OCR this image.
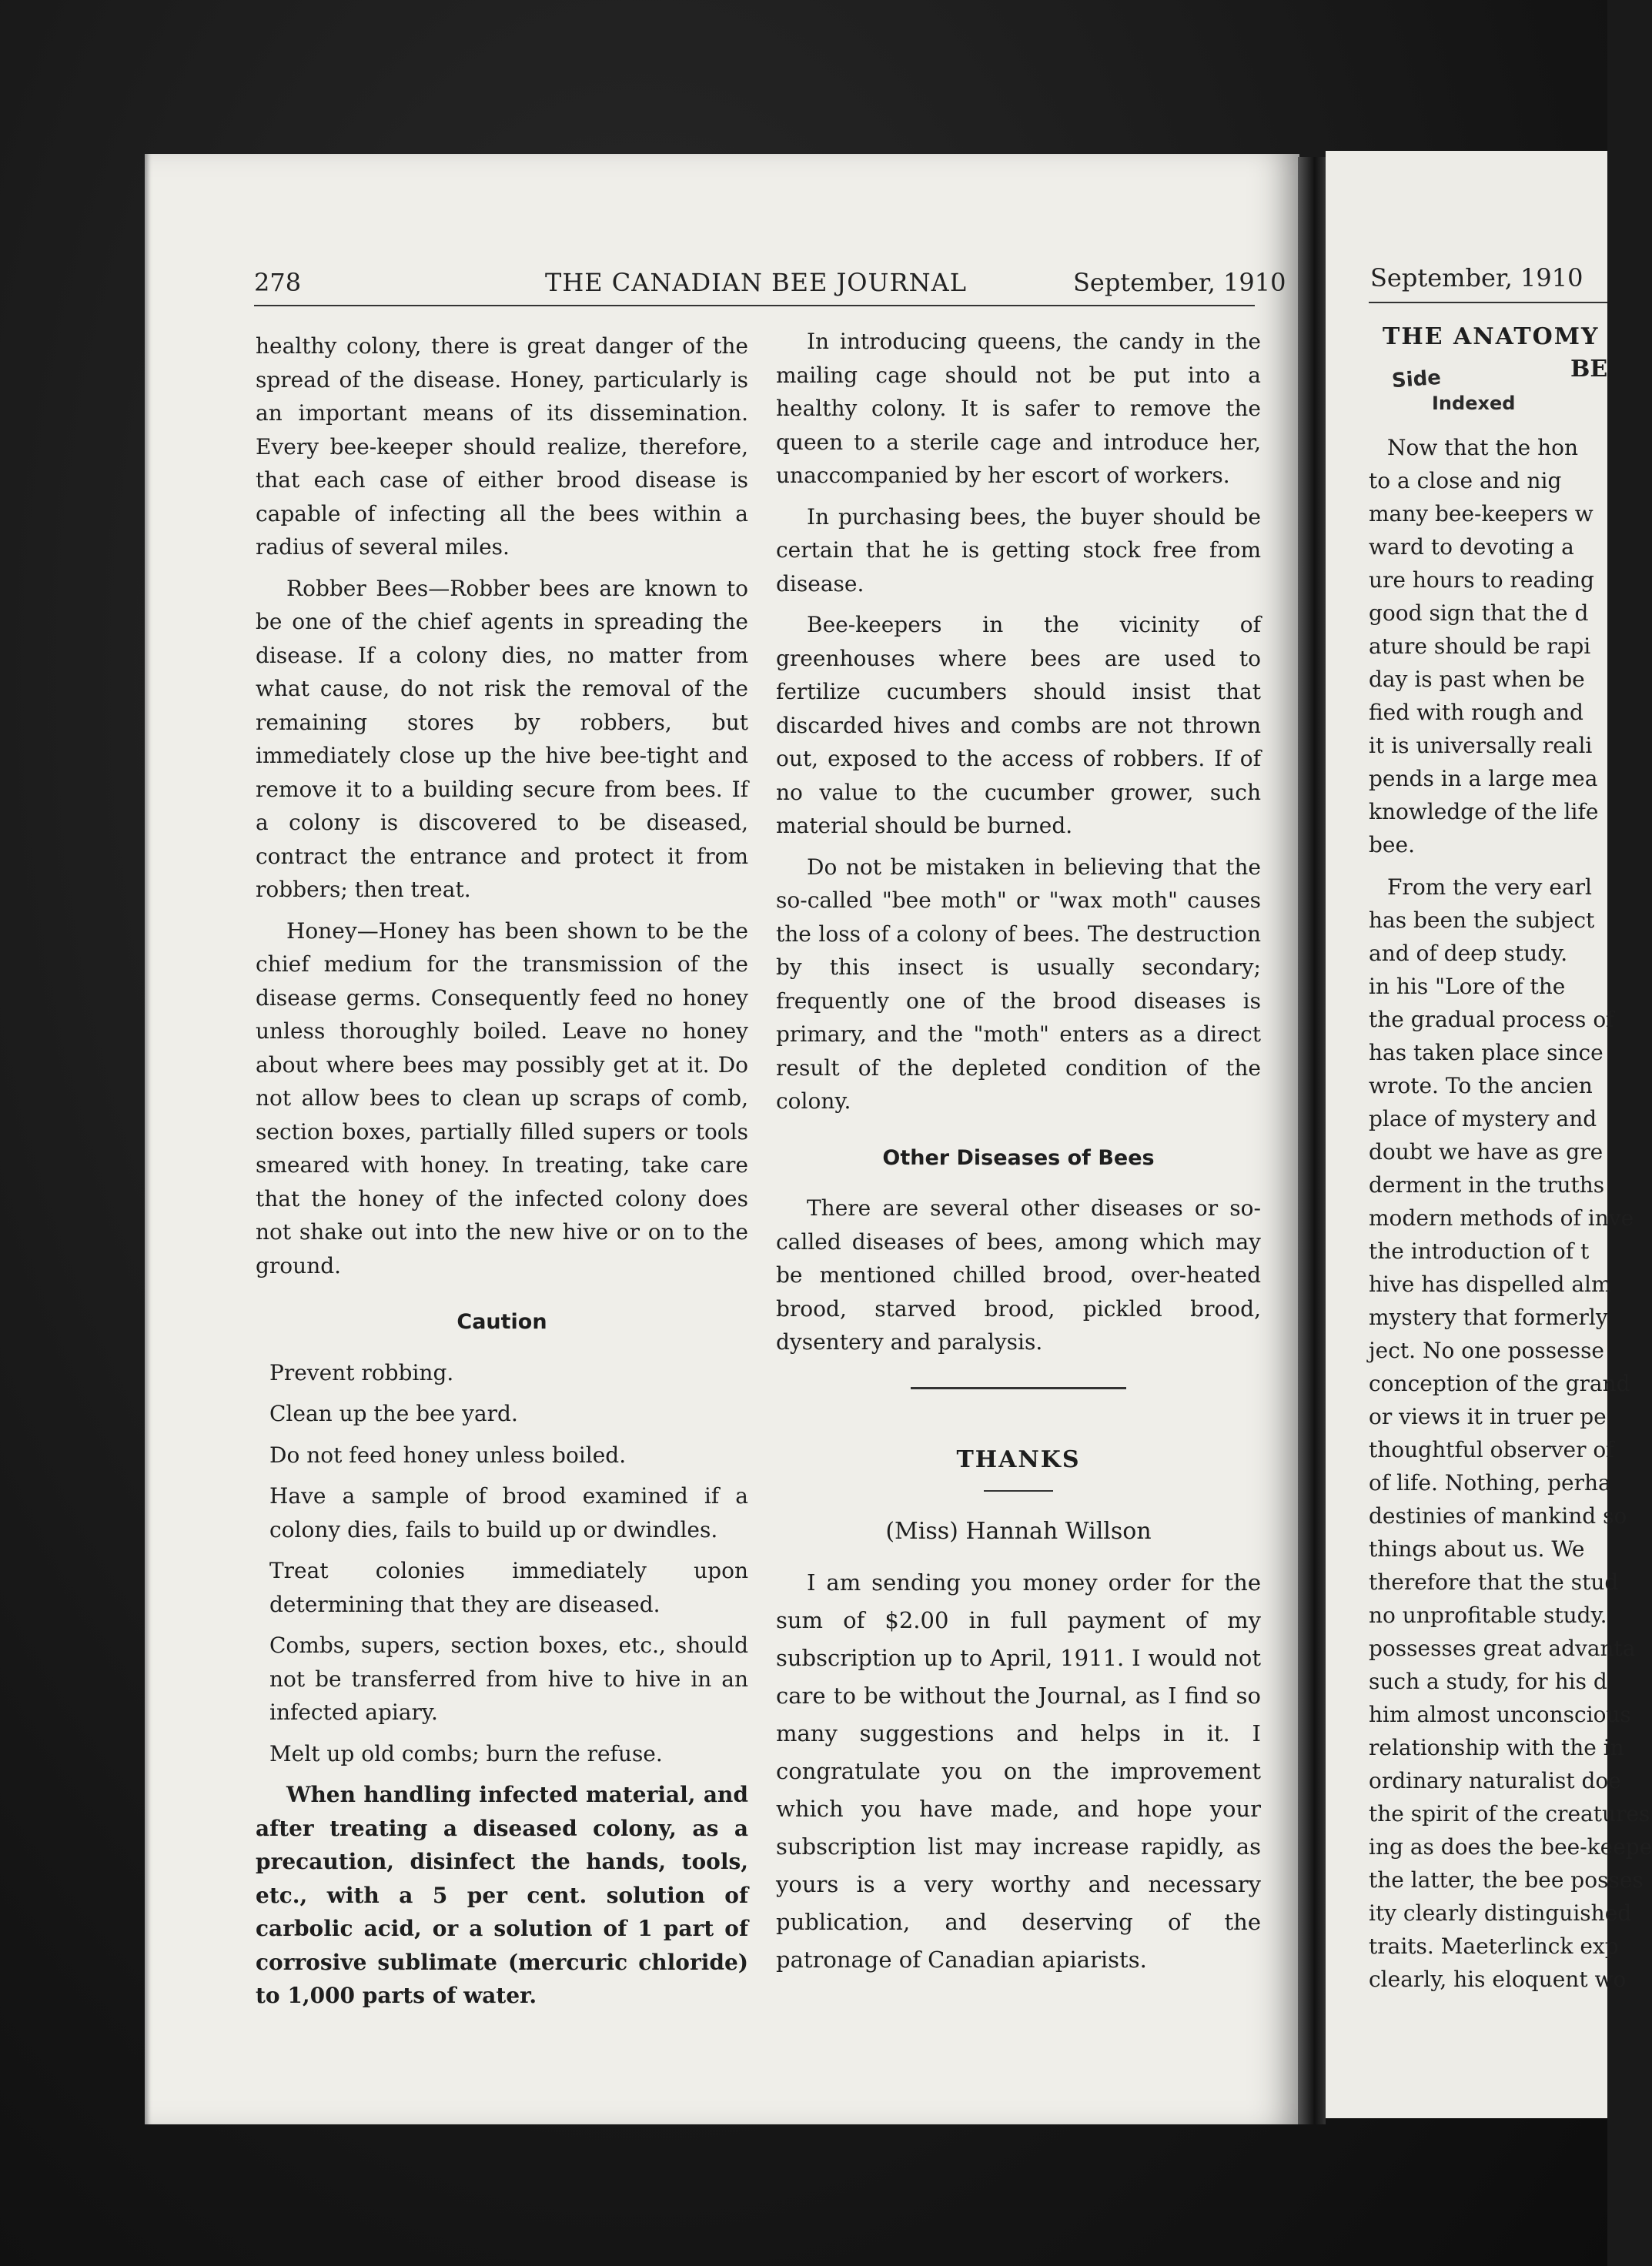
278	THE CANADIAN BEE JOURNAL	September, 1910

healthy colony, there is great danger of the spread of the disease. Honey, particularly is an important means of its dissemination. Every bee-keeper should realize, therefore, that each case of either brood disease is capable of infecting all the bees within a radius of several miles.

Robber Bees—Robber bees are known to be one of the chief agents in spreading the disease. If a colony dies, no matter from what cause, do not risk the removal of the remaining stores by robbers, but immediately close up the hive bee-tight and remove it to a building secure from bees. If a colony is discovered to be diseased, contract the entrance and protect it from robbers; then treat.

Honey—Honey has been shown to be the chief medium for the transmission of the disease germs. Consequently feed no honey unless thoroughly boiled. Leave no honey about where bees may possibly get at it. Do not allow bees to clean up scraps of comb, section boxes, partially filled supers or tools smeared with honey. In treating, take care that the honey of the infected colony does not shake out into the new hive or on to the ground.

Caution

Prevent robbing.

Clean up the bee yard.

Do not feed honey unless boiled.

Have a sample of brood examined if a colony dies, fails to build up or dwindles.

Treat colonies immediately upon determining that they are diseased.

Combs, supers, section boxes, etc., should not be transferred from hive to hive in an infected apiary.

Melt up old combs; burn the refuse.

When handling infected material, and after treating a diseased colony, as a precaution, disinfect the hands, tools, etc., with a 5 per cent. solution of carbolic acid, or a solution of 1 part of corrosive sublimate (mercuric chloride) to 1,000 parts of water.

In introducing queens, the candy in the mailing cage should not be put into a healthy colony. It is safer to remove the queen to a sterile cage and introduce her, unaccompanied by her escort of workers.

In purchasing bees, the buyer should be certain that he is getting stock free from disease.

Bee-keepers in the vicinity of greenhouses where bees are used to fertilize cucumbers should insist that discarded hives and combs are not thrown out, exposed to the access of robbers. If of no value to the cucumber grower, such material should be burned.

Do not be mistaken in believing that the so-called "bee moth" or "wax moth" causes the loss of a colony of bees. The destruction by this insect is usually secondary; frequently one of the brood diseases is primary, and the "moth" enters as a direct result of the depleted condition of the colony.

Other Diseases of Bees

There are several other diseases or so-called diseases of bees, among which may be mentioned chilled brood, over-heated brood, starved brood, pickled brood, dysentery and paralysis.

THANKS
(Miss) Hannah Willson

I am sending you money order for the sum of $2.00 in full payment of my subscription up to April, 1911. I would not care to be without the Journal, as I find so many suggestions and helps in it. I congratulate you on the improvement which you have made, and hope your subscription list may increase rapidly, as yours is a very worthy and necessary publication, and deserving of the patronage of Canadian apiarists.

September, 1910
THE ANATOMY
BE
Side
Indexed
Now that the hon
to a close and nig
many bee-keepers w
ward to devoting a
ure hours to reading
good sign that the d
ature should be rapi
day is past when be
fied with rough and
it is universally reali
pends in a large mea
knowledge of the life
bee.
From the very earl
has been the subject
and of deep study.
in his "Lore of the
the gradual process of
has taken place since
wrote. To the ancien
place of mystery and
doubt we have as gre
derment in the truths
modern methods of inve
the introduction of t
hive has dispelled alm
mystery that formerly
ject. No one possesse
conception of the grand
or views it in truer pe
thoughtful observer of
of life. Nothing, perha
destinies of mankind so
things about us. We
therefore that the stud
no unprofitable study.
possesses great advanta
such a study, for his d
him almost unconscious
relationship with the in
ordinary naturalist doe
the spirit of the creatures
ing as does the bee-keepe
the latter, the bee posses
ity clearly distinguished
traits. Maeterlinck exp
clearly, his eloquent wo
